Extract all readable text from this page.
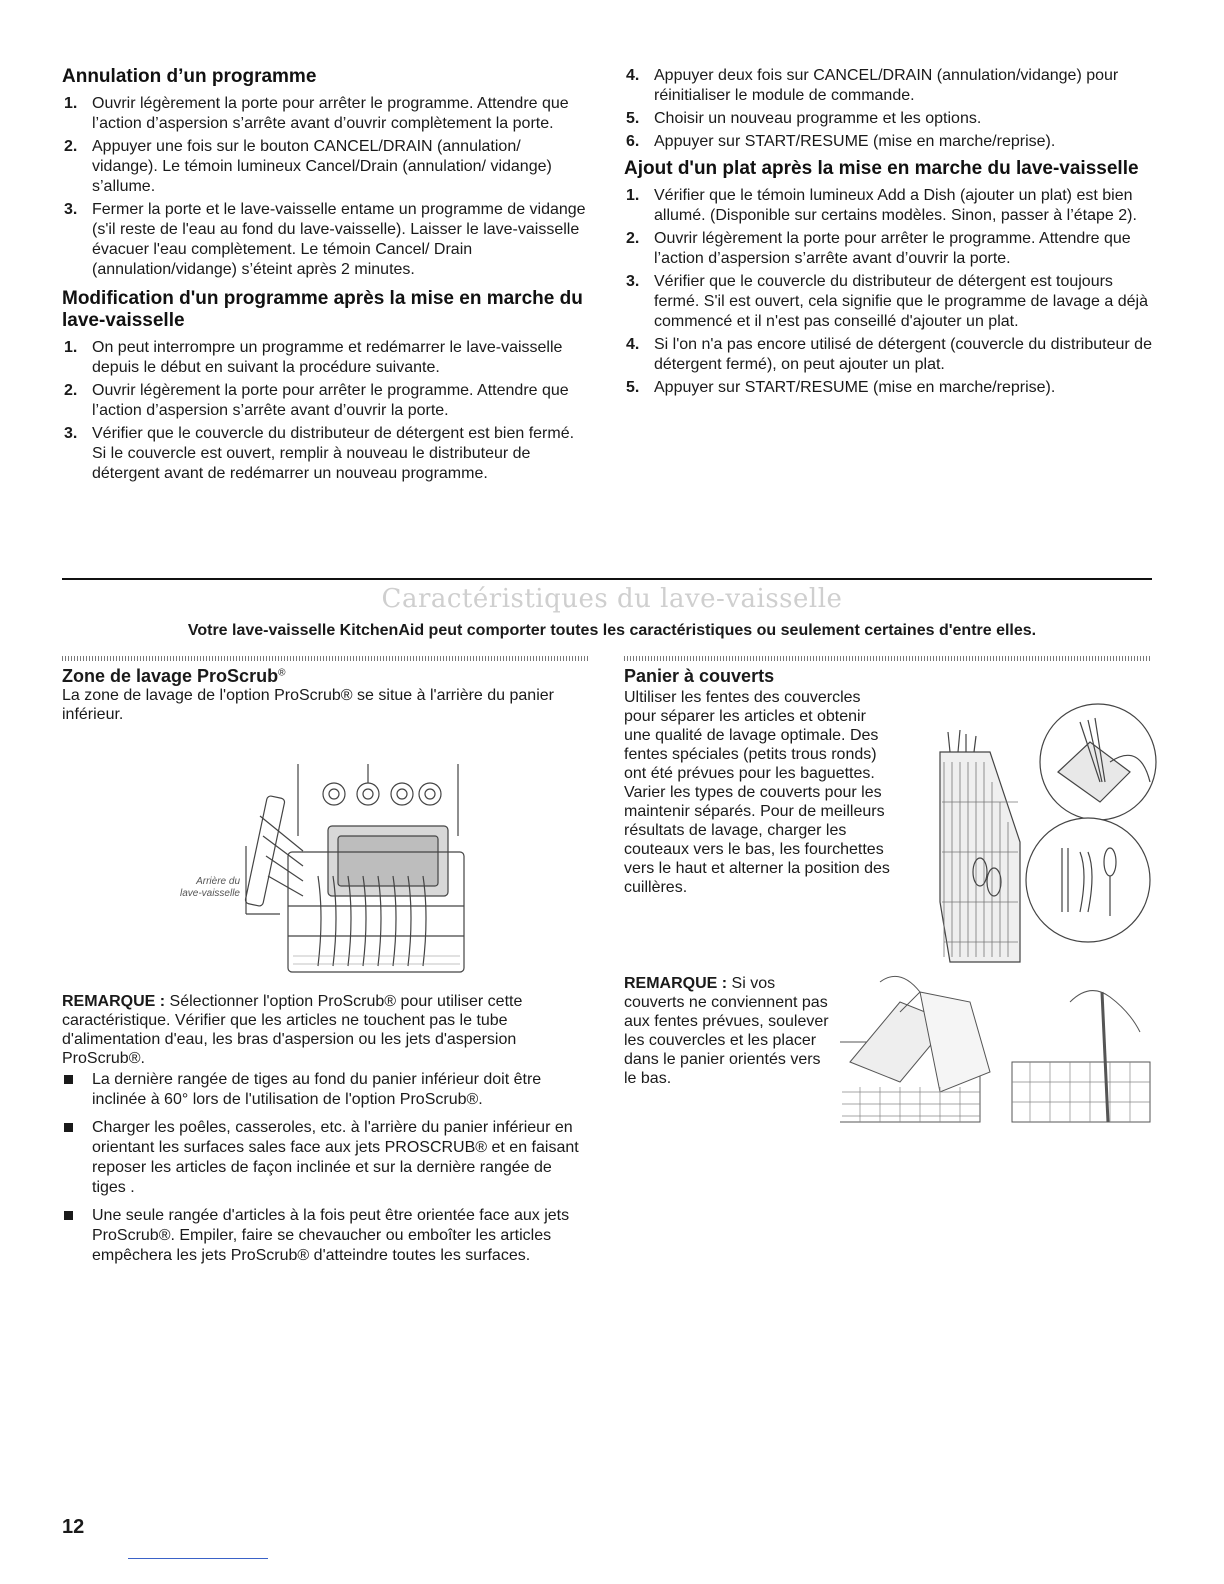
Annulation d’un programme
1. Ouvrir légèrement la porte pour arrêter le programme. Attendre que l’action d’aspersion s’arrête avant d’ouvrir complètement la porte.
2. Appuyer une fois sur le bouton CANCEL/DRAIN (annulation/ vidange). Le témoin lumineux Cancel/Drain (annulation/ vidange) s’allume.
3. Fermer la porte et le lave-vaisselle entame un programme de vidange (s'il reste de l'eau au fond du lave-vaisselle). Laisser le lave-vaisselle évacuer l'eau complètement. Le témoin Cancel/ Drain (annulation/vidange) s’éteint après 2 minutes.
Modification d'un programme après la mise en marche du lave-vaisselle
1. On peut interrompre un programme et redémarrer le lave-vaisselle depuis le début en suivant la procédure suivante.
2. Ouvrir légèrement la porte pour arrêter le programme. Attendre que l’action d’aspersion s’arrête avant d’ouvrir la porte.
3. Vérifier que le couvercle du distributeur de détergent est bien fermé. Si le couvercle est ouvert, remplir à nouveau le distributeur de détergent avant de redémarrer un nouveau programme.
4. Appuyer deux fois sur CANCEL/DRAIN (annulation/vidange) pour réinitialiser le module de commande.
5. Choisir un nouveau programme et les options.
6. Appuyer sur START/RESUME (mise en marche/reprise).
Ajout d'un plat après la mise en marche du lave-vaisselle
1. Vérifier que le témoin lumineux Add a Dish (ajouter un plat) est bien allumé. (Disponible sur certains modèles. Sinon, passer à l’étape 2).
2. Ouvrir légèrement la porte pour arrêter le programme. Attendre que l’action d’aspersion s’arrête avant d’ouvrir la porte.
3. Vérifier que le couvercle du distributeur de détergent est toujours fermé. S'il est ouvert, cela signifie que le programme de lavage a déjà commencé et il n'est pas conseillé d'ajouter un plat.
4. Si l'on n'a pas encore utilisé de détergent (couvercle du distributeur de détergent fermé), on peut ajouter un plat.
5. Appuyer sur START/RESUME (mise en marche/reprise).
Caractéristiques du lave-vaisselle
Votre lave-vaisselle KitchenAid peut comporter toutes les caractéristiques ou seulement certaines d'entre elles.
Zone de lavage ProScrub®

La zone de lavage de l'option ProScrub® se situe à l'arrière du panier inférieur.

Arrière du
lave-vaisselle
REMARQUE : Sélectionner l'option ProScrub® pour utiliser cette caractéristique. Vérifier que les articles ne touchent pas le tube d'alimentation d'eau, les bras d'aspersion ou les jets d'aspersion ProScrub®.
La dernière rangée de tiges au fond du panier inférieur doit être inclinée à 60° lors de l'utilisation de l'option ProScrub®.
Charger les poêles, casseroles, etc. à l'arrière du panier inférieur en orientant les surfaces sales face aux jets PROSCRUB® et en faisant reposer les articles de façon inclinée et sur la dernière rangée de tiges .
Une seule rangée d'articles à la fois peut être orientée face aux jets ProScrub®. Empiler, faire se chevaucher ou emboîter les articles empêchera les jets ProScrub® d'atteindre toutes les surfaces.
Panier à couverts

Ultiliser les fentes des couvercles pour séparer les articles et obtenir une qualité de lavage optimale. Des fentes spéciales (petits trous ronds) ont été prévues pour les baguettes. Varier les types de couverts pour les maintenir séparés. Pour de meilleurs résultats de lavage, charger les couteaux vers le bas, les fourchettes vers le haut et alterner la position des cuillères.

REMARQUE : Si vos couverts ne conviennent pas aux fentes prévues, soulever les couvercles et les placer dans le panier orientés vers le bas.
12
